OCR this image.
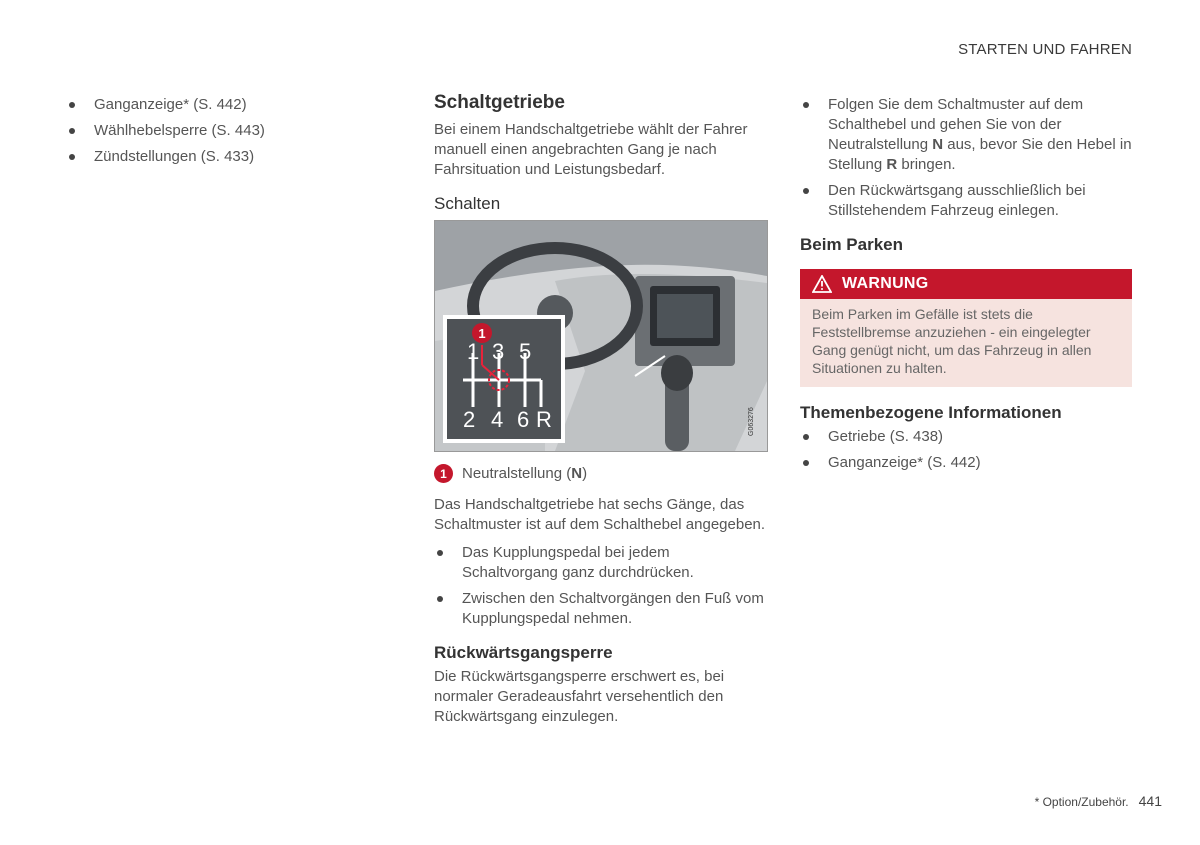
STARTEN UND FAHREN
Ganganzeige* (S. 442)
Wählhebelsperre (S. 443)
Zündstellungen (S. 433)
Schaltgetriebe

Bei einem Handschaltgetriebe wählt der Fahrer manuell einen angebrachten Gang je nach Fahrsituation und Leistungsbedarf.

Schalten
1
1 3 5
2 4 6 R	G063276
1	Neutralstellung (N)

Das Handschaltgetriebe hat sechs Gänge, das Schaltmuster ist auf dem Schalthebel angegeben.

Das Kupplungspedal bei jedem Schaltvorgang ganz durchdrücken.
Zwischen den Schaltvorgängen den Fuß vom Kupplungspedal nehmen.
Rückwärtsgangsperre

Die Rückwärtsgangsperre erschwert es, bei normaler Geradeausfahrt versehentlich den Rückwärtsgang einzulegen.

Folgen Sie dem Schaltmuster auf dem Schalthebel und gehen Sie von der Neutralstellung N aus, bevor Sie den Hebel in Stellung R bringen.
Den Rückwärtsgang ausschließlich bei Stillstehendem Fahrzeug einlegen.
Beim Parken
WARNUNG
Beim Parken im Gefälle ist stets die Feststellbremse anzuziehen - ein eingelegter Gang genügt nicht, um das Fahrzeug in allen Situationen zu halten.
Themenbezogene Informationen
Getriebe (S. 438)
Ganganzeige* (S. 442)
* Option/Zubehör. 441
